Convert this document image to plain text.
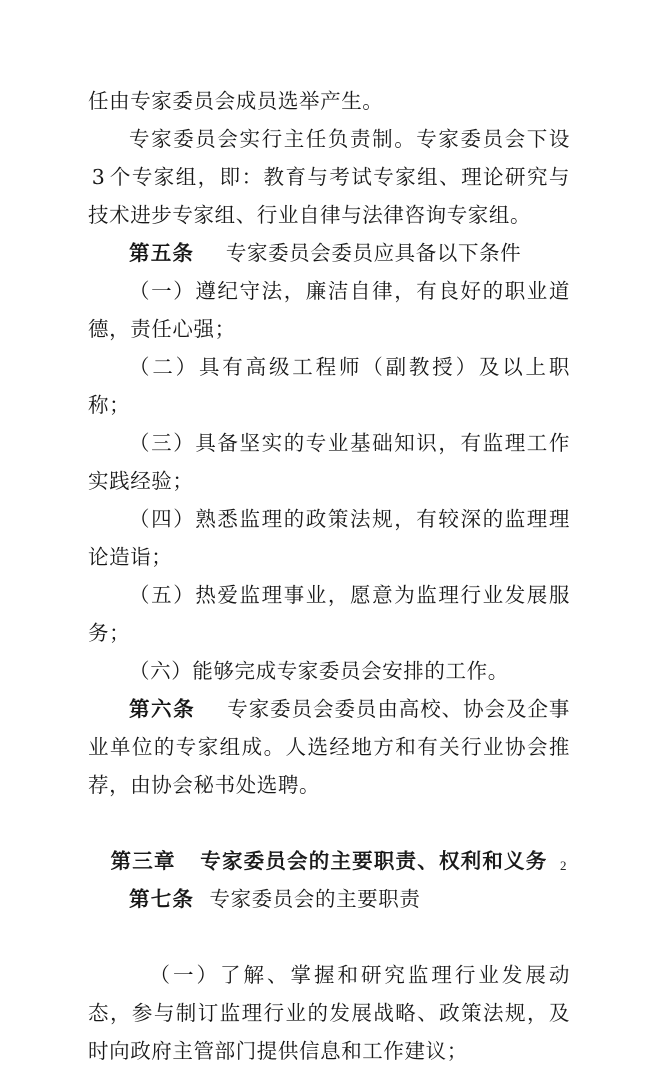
任由专家委员会成员选举产生。

专家委员会实行主任负责制。专家委员会下设3 个专家组，即：教育与考试专家组、理论研究与技术进步专家组、行业自律与法律咨询专家组。

第五条 专家委员会委员应具备以下条件

（一）遵纪守法，廉洁自律，有良好的职业道德，责任心强；

（二）具有高级工程师（副教授）及以上职称；

（三）具备坚实的专业基础知识，有监理工作实践经验；

（四）熟悉监理的政策法规，有较深的监理理论造诣；

（五）热爱监理事业，愿意为监理行业发展服务；

（六）能够完成专家委员会安排的工作。

第六条 专家委员会委员由高校、协会及企事业单位的专家组成。人选经地方和有关行业协会推荐，由协会秘书处选聘。

第三章 专家委员会的主要职责、权利和义务

第七条 专家委员会的主要职责

（一）了解、掌握和研究监理行业发展动态，参与制订监理行业的发展战略、政策法规，及时向政府主管部门提供信息和工作建议；

2
